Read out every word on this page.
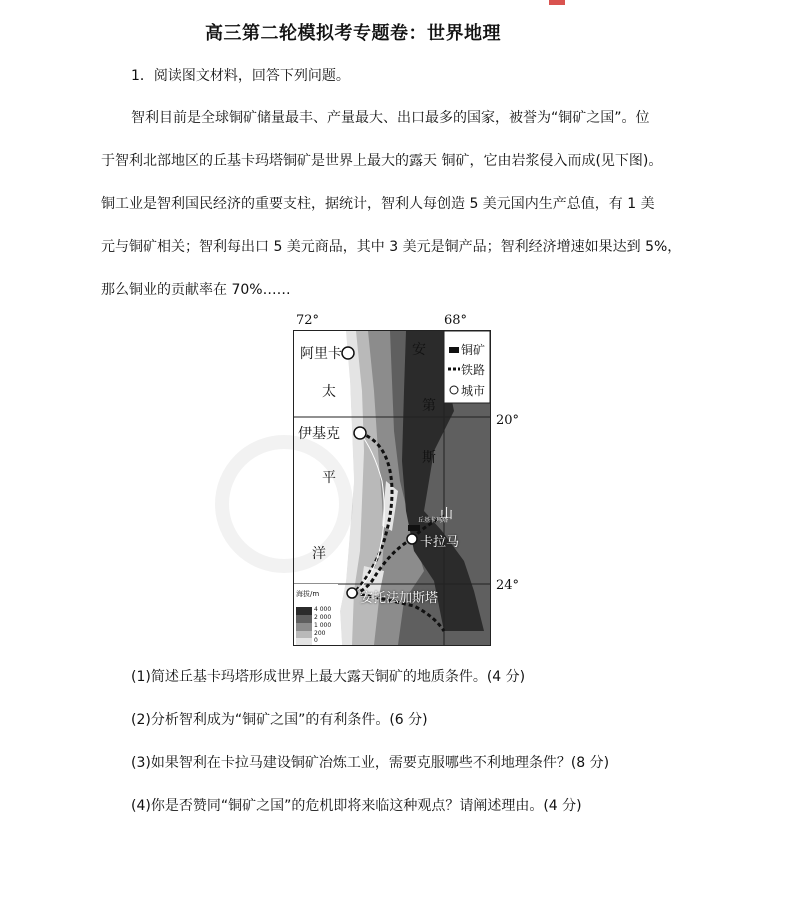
高三第二轮模拟考专题卷：世界地理
1．阅读图文材料，回答下列问题。
智利目前是全球铜矿储量最丰、产量最大、出口最多的国家，被誉为“铜矿之国”。位
于智利北部地区的丘基卡玛塔铜矿是世界上最大的露天 铜矿，它由岩浆侵入而成(见下图)。
铜工业是智利国民经济的重要支柱，据统计，智利人每创造 5 美元国内生产总值，有 1 美
元与铜矿相关；智利每出口 5 美元商品，其中 3 美元是铜产品；智利经济增速如果达到 5%，
那么铜业的贡献率在 70%……
72°	68°
20°
24°
阿里卡
伊基克
卡拉马
安托法加斯塔
丘基卡玛塔
太
平
洋
安
第
斯
山
铜矿
铁路
城市
海拔/m
4 000
2 000
1 000
200
0
(1)简述丘基卡玛塔形成世界上最大露天铜矿的地质条件。(4 分)
(2)分析智利成为“铜矿之国”的有利条件。(6 分)
(3)如果智利在卡拉马建设铜矿冶炼工业，需要克服哪些不利地理条件？(8 分)
(4)你是否赞同“铜矿之国”的危机即将来临这种观点？请阐述理由。(4 分)
